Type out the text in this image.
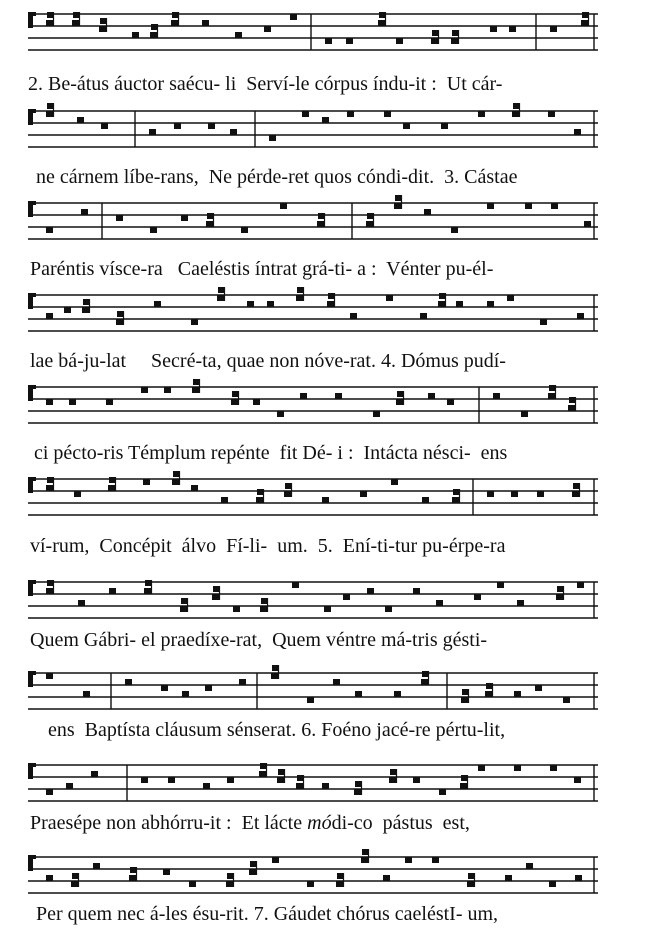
2. Be-átus áuctor saécu- li  Serví-le córpus índu-it :  Ut cár-
ne cárnem líbe-rans,  Ne pérde-ret quos cóndi-dit.  3. Cástae
Paréntis vísce-ra   Caeléstis íntrat grá-ti- a :  Vénter pu-él-
lae bá-ju-lat     Secré-ta, quae non nóve-rat. 4. Dómus pudí-
ci pécto-ris Témplum repénte  fit Dé- i :  Intácta nésci-  ens
ví-rum,  Concépit  álvo  Fí-li-  um.  5.  Ení-ti-tur pu-érpe-ra
Quem Gábri- el praedíxe-rat,  Quem véntre má-tris gésti-
ens  Baptísta cláusum sénserat. 6. Foéno jacé-re pértu-lit,
Praesépe non abhórru-it :  Et lácte módi-co  pástus  est,
Per quem nec á-les ésu-rit. 7. Gáudet chórus caeléstI- um,
